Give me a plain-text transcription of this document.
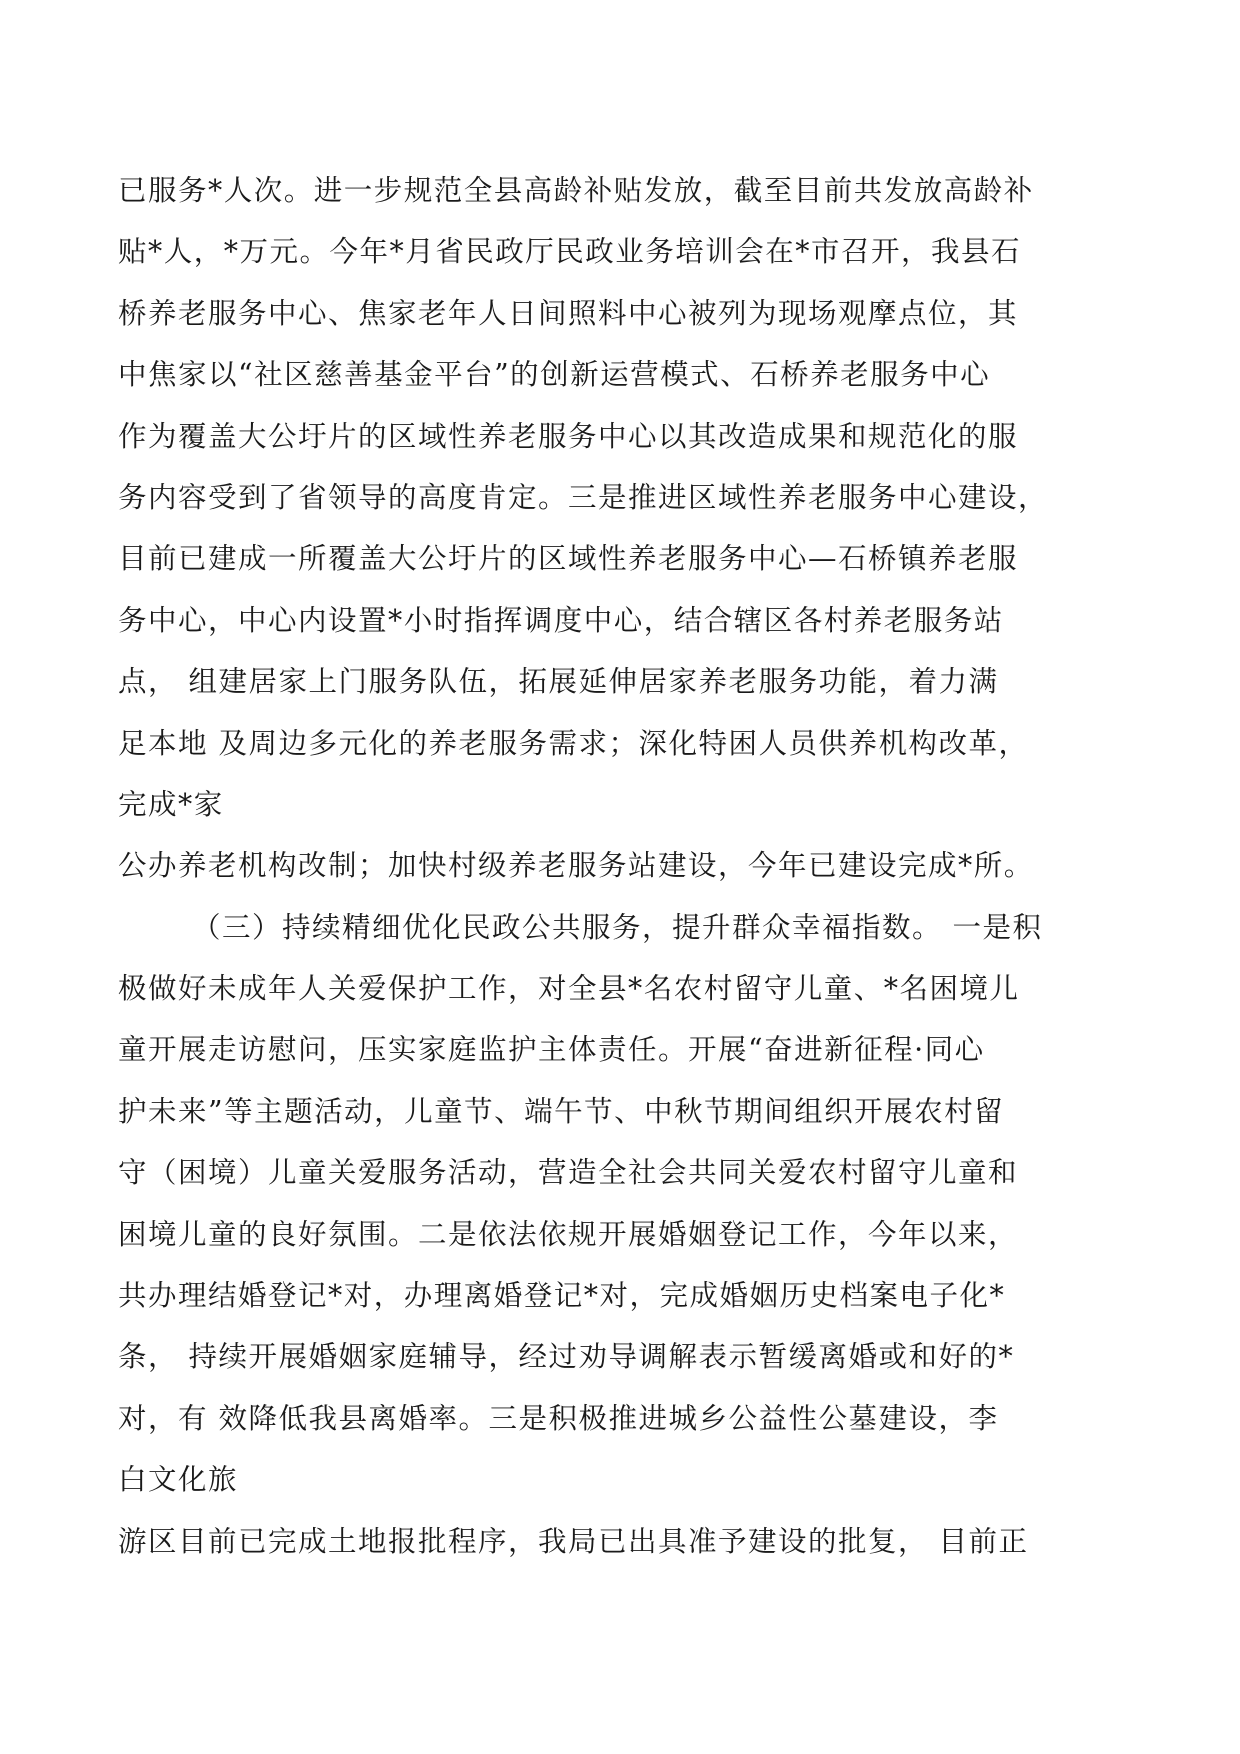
已服务*人次。进一步规范全县高龄补贴发放，截至目前共发放高龄补
贴*人，*万元。今年*月省民政厅民政业务培训会在*市召开，我县石
桥养老服务中心、焦家老年人日间照料中心被列为现场观摩点位，其
中焦家以“社区慈善基金平台”的创新运营模式、石桥养老服务中心
作为覆盖大公圩片的区域性养老服务中心以其改造成果和规范化的服
务内容受到了省领导的高度肯定。三是推进区域性养老服务中心建设，
目前已建成一所覆盖大公圩片的区域性养老服务中心—石桥镇养老服
务中心，中心内设置*小时指挥调度中心，结合辖区各村养老服务站
点， 组建居家上门服务队伍，拓展延伸居家养老服务功能，着力满
足本地 及周边多元化的养老服务需求；深化特困人员供养机构改革，
完成*家
公办养老机构改制；加快村级养老服务站建设，今年已建设完成*所。
（三）持续精细优化民政公共服务，提升群众幸福指数。 一是积
极做好未成年人关爱保护工作，对全县*名农村留守儿童、*名困境儿
童开展走访慰问，压实家庭监护主体责任。开展“奋进新征程·同心
护未来”等主题活动，儿童节、端午节、中秋节期间组织开展农村留
守（困境）儿童关爱服务活动，营造全社会共同关爱农村留守儿童和
困境儿童的良好氛围。二是依法依规开展婚姻登记工作，今年以来，
共办理结婚登记*对，办理离婚登记*对，完成婚姻历史档案电子化*
条， 持续开展婚姻家庭辅导，经过劝导调解表示暂缓离婚或和好的*
对，有 效降低我县离婚率。三是积极推进城乡公益性公墓建设，李
白文化旅
游区目前已完成土地报批程序，我局已出具准予建设的批复， 目前正
